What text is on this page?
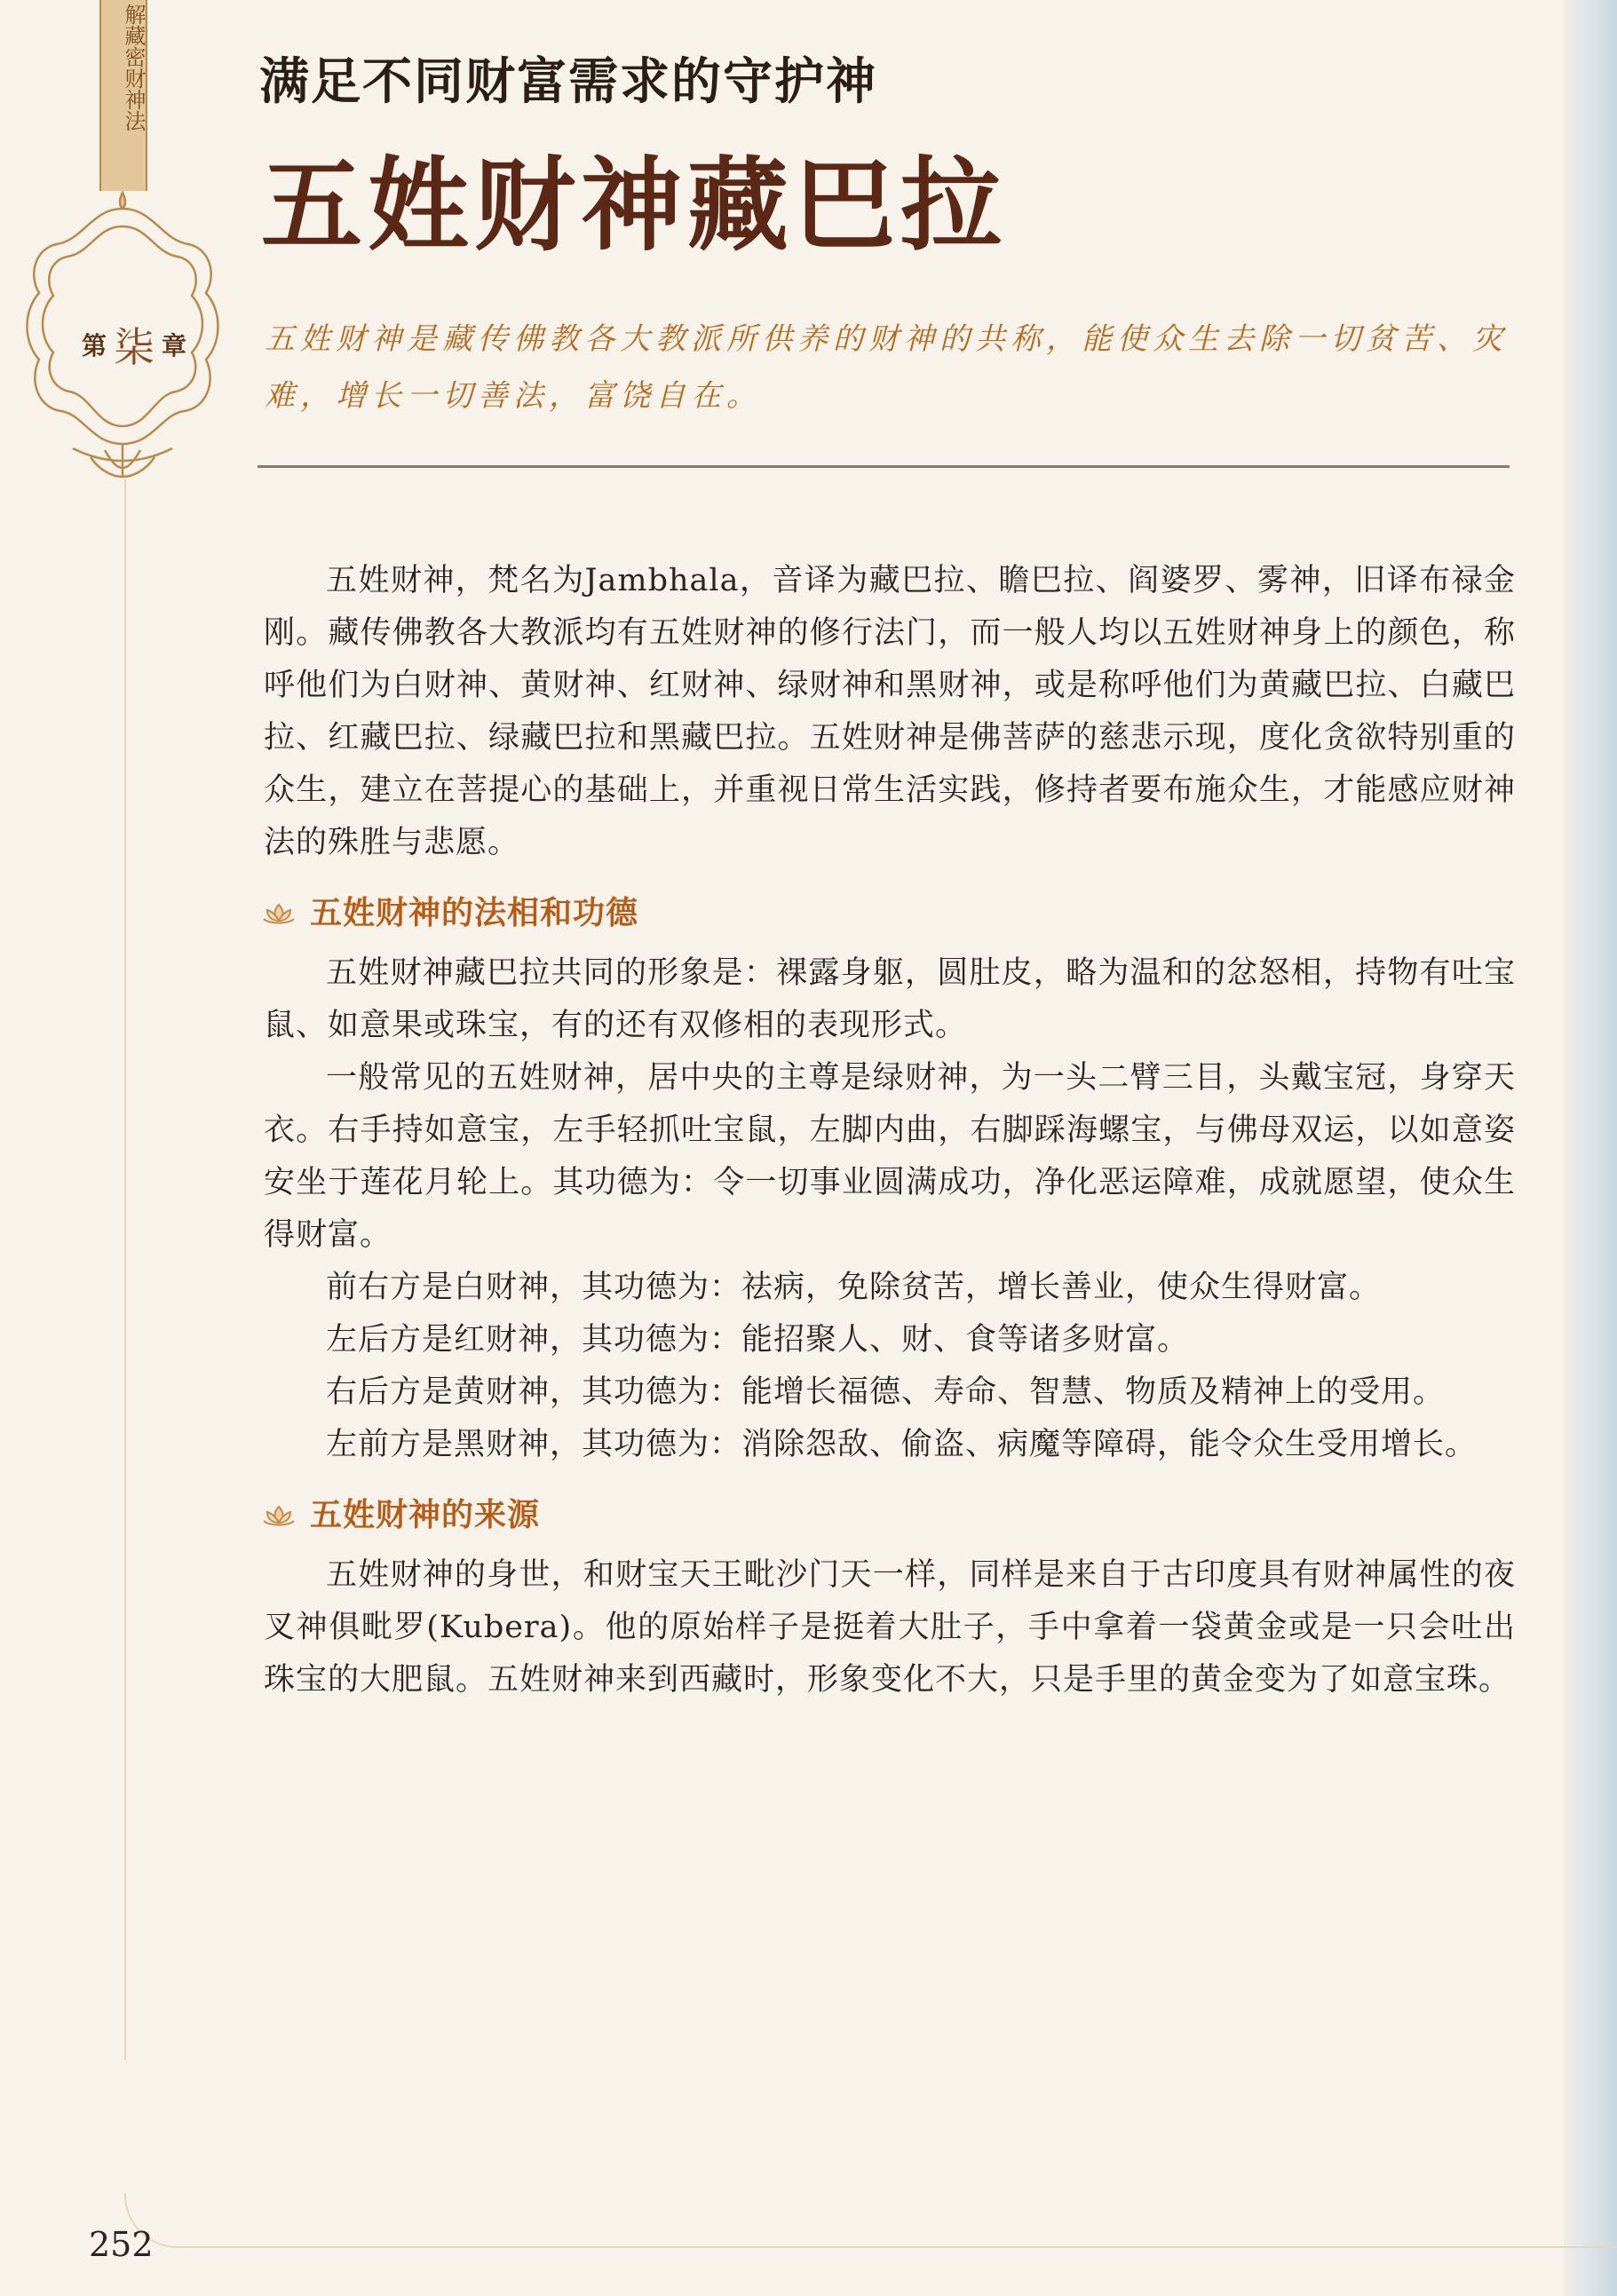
解藏密财神法
第 柒 章
满足不同财富需求的守护神
五姓财神藏巴拉
五姓财神是藏传佛教各大教派所供养的财神的共称，能使众生去除一切贫苦、灾难，增长一切善法，富饶自在。

五姓财神，梵名为Jambhala，音译为藏巴拉、瞻巴拉、阎婆罗、雾神，旧译布禄金刚。藏传佛教各大教派均有五姓财神的修行法门，而一般人均以五姓财神身上的颜色，称呼他们为白财神、黄财神、红财神、绿财神和黑财神，或是称呼他们为黄藏巴拉、白藏巴拉、红藏巴拉、绿藏巴拉和黑藏巴拉。五姓财神是佛菩萨的慈悲示现，度化贪欲特别重的众生，建立在菩提心的基础上，并重视日常生活实践，修持者要布施众生，才能感应财神法的殊胜与悲愿。

五姓财神的法相和功德

五姓财神藏巴拉共同的形象是：裸露身躯，圆肚皮，略为温和的忿怒相，持物有吐宝鼠、如意果或珠宝，有的还有双修相的表现形式。

一般常见的五姓财神，居中央的主尊是绿财神，为一头二臂三目，头戴宝冠，身穿天衣。右手持如意宝，左手轻抓吐宝鼠，左脚内曲，右脚踩海螺宝，与佛母双运，以如意姿安坐于莲花月轮上。其功德为：令一切事业圆满成功，净化恶运障难，成就愿望，使众生得财富。

前右方是白财神，其功德为：祛病，免除贫苦，增长善业，使众生得财富。

左后方是红财神，其功德为：能招聚人、财、食等诸多财富。

右后方是黄财神，其功德为：能增长福德、寿命、智慧、物质及精神上的受用。

左前方是黑财神，其功德为：消除怨敌、偷盗、病魔等障碍，能令众生受用增长。

五姓财神的来源

五姓财神的身世，和财宝天王毗沙门天一样，同样是来自于古印度具有财神属性的夜叉神俱毗罗(Kubera)。他的原始样子是挺着大肚子，手中拿着一袋黄金或是一只会吐出珠宝的大肥鼠。五姓财神来到西藏时，形象变化不大，只是手里的黄金变为了如意宝珠。

252
